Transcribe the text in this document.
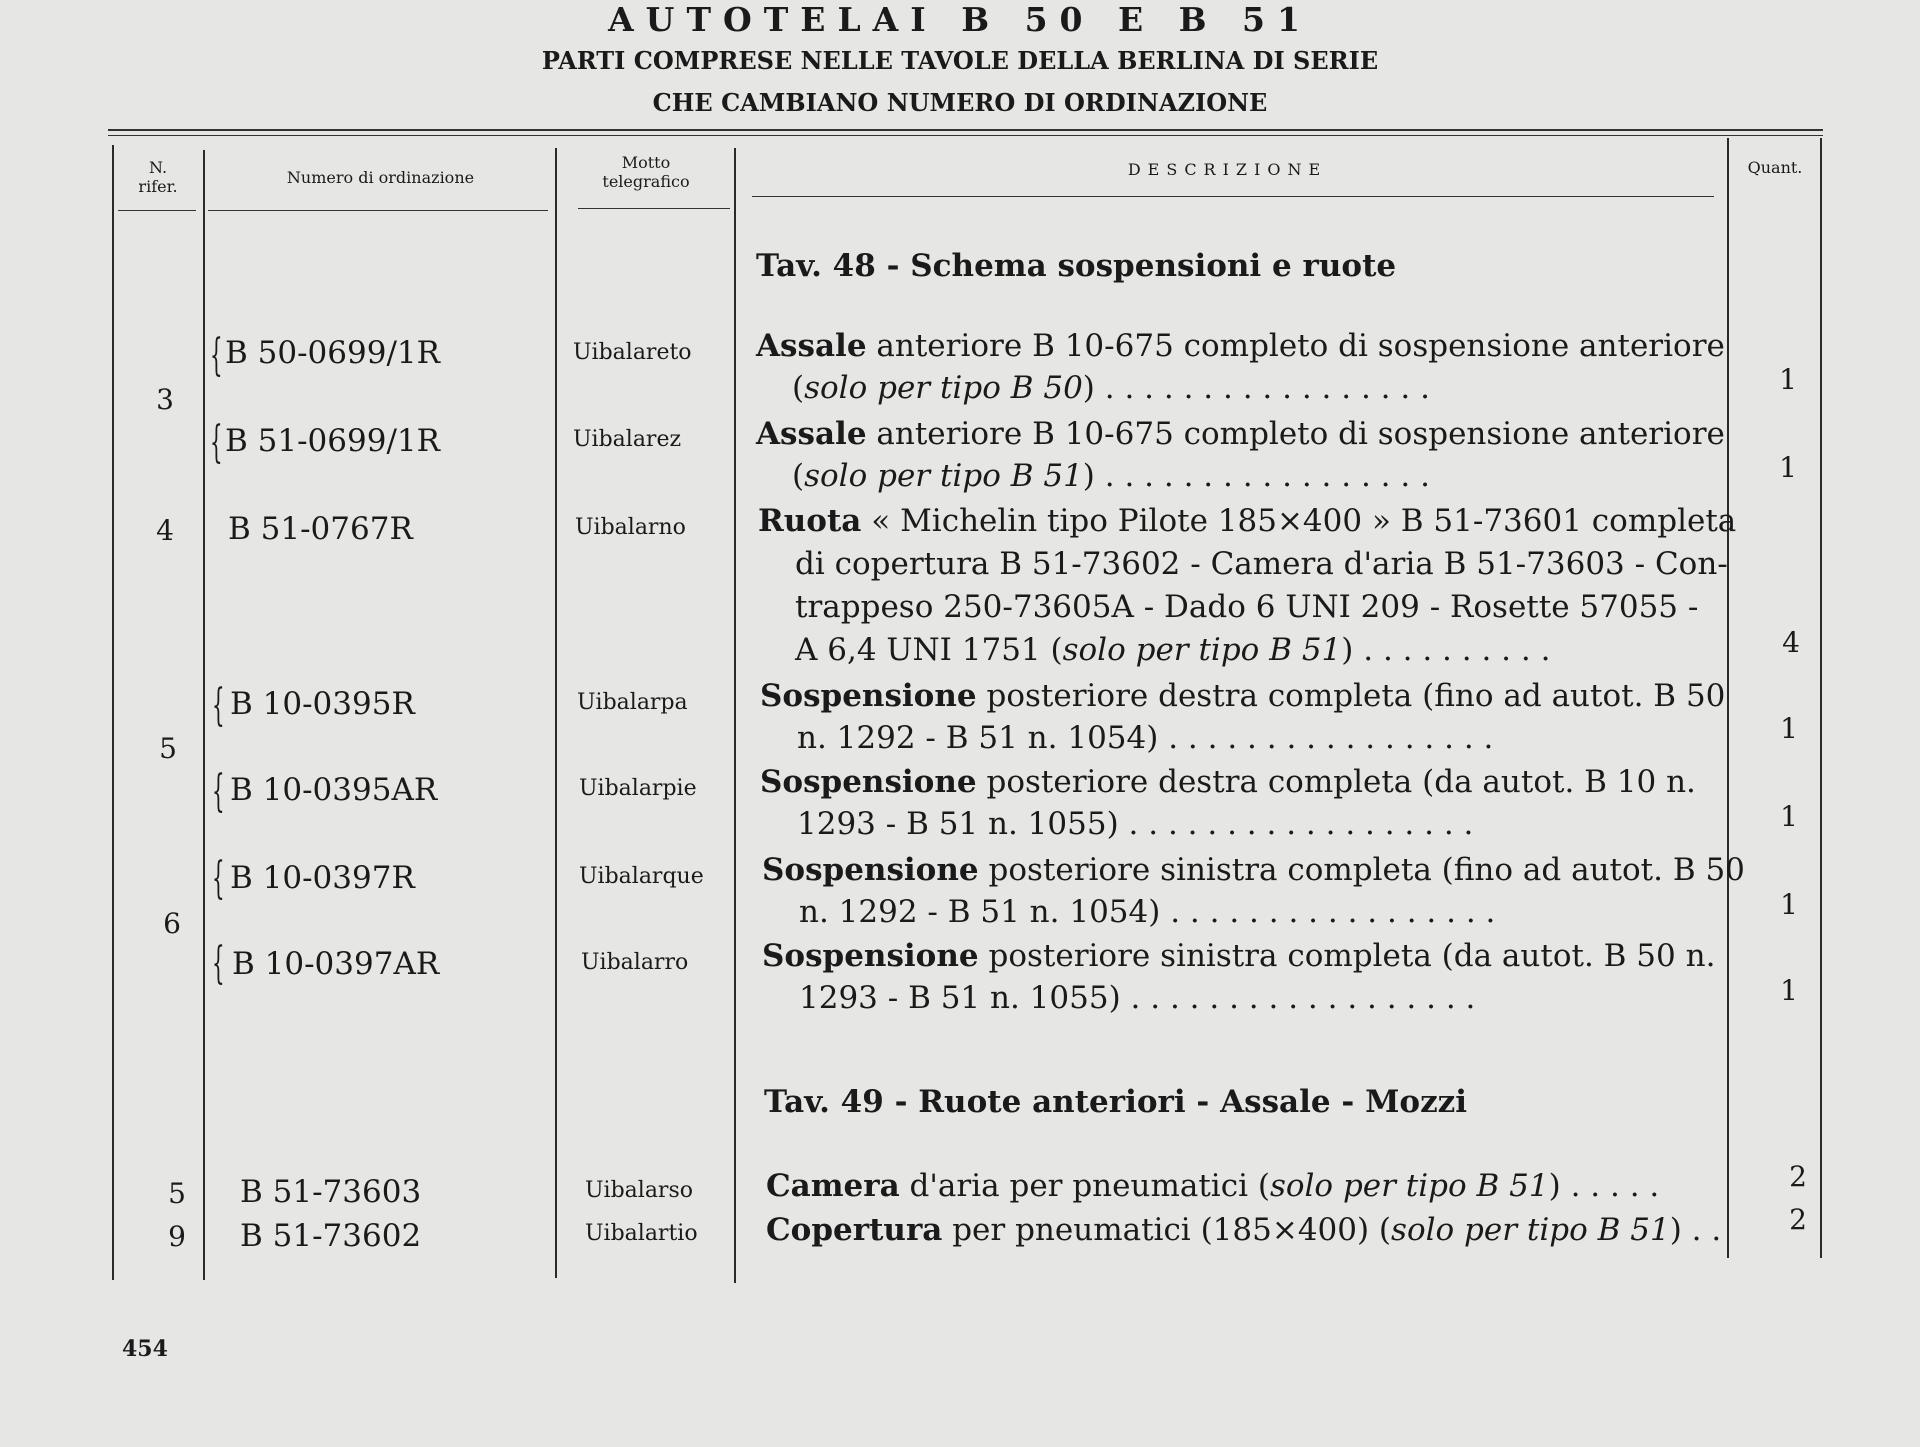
AUTOTELAI B 50 E B 51
PARTI COMPRESE NELLE TAVOLE DELLA BERLINA DI SERIE
CHE CAMBIANO NUMERO DI ORDINAZIONE
N.
rifer.	Numero di ordinazione
Motto
telegrafico
DESCRIZIONE	Quant.
Tav. 48 - Schema sospensioni e ruote
3
4
5
6
{
{
{
{
{
{
B 50-0699/1R
B 51-0699/1R
B 51-0767R
B 10-0395R
B 10-0395AR
B 10-0397R
B 10-0397AR
Uibalareto
Uibalarez
Uibalarno
Uibalarpa
Uibalarpie
Uibalarque
Uibalarro
Assale anteriore B 10-675 completo di sospensione anteriore
(solo per tipo B 50) . . . . . . . . . . . . . . . . .
Assale anteriore B 10-675 completo di sospensione anteriore
(solo per tipo B 51) . . . . . . . . . . . . . . . . .
Ruota « Michelin tipo Pilote 185×400 » B 51-73601 completa
di copertura B 51-73602 - Camera d'aria B 51-73603 - Con-
trappeso 250-73605A - Dado 6 UNI 209 - Rosette 57055 -
A 6,4 UNI 1751 (solo per tipo B 51) . . . . . . . . . .
Sospensione posteriore destra completa (fino ad autot. B 50
n. 1292 - B 51 n. 1054) . . . . . . . . . . . . . . . . .
Sospensione posteriore destra completa (da autot. B 10 n.
1293 - B 51 n. 1055) . . . . . . . . . . . . . . . . . .
Sospensione posteriore sinistra completa (fino ad autot. B 50
n. 1292 - B 51 n. 1054) . . . . . . . . . . . . . . . . .
Sospensione posteriore sinistra completa (da autot. B 50 n.
1293 - B 51 n. 1055) . . . . . . . . . . . . . . . . . .
1
1
4
1
1
1
1
Tav. 49 - Ruote anteriori - Assale - Mozzi
5
9
B 51-73603
B 51-73602
Uibalarso
Uibalartio
Camera d'aria per pneumatici (solo per tipo B 51) . . . . .
Copertura per pneumatici (185×400) (solo per tipo B 51) . .
2
2
454
